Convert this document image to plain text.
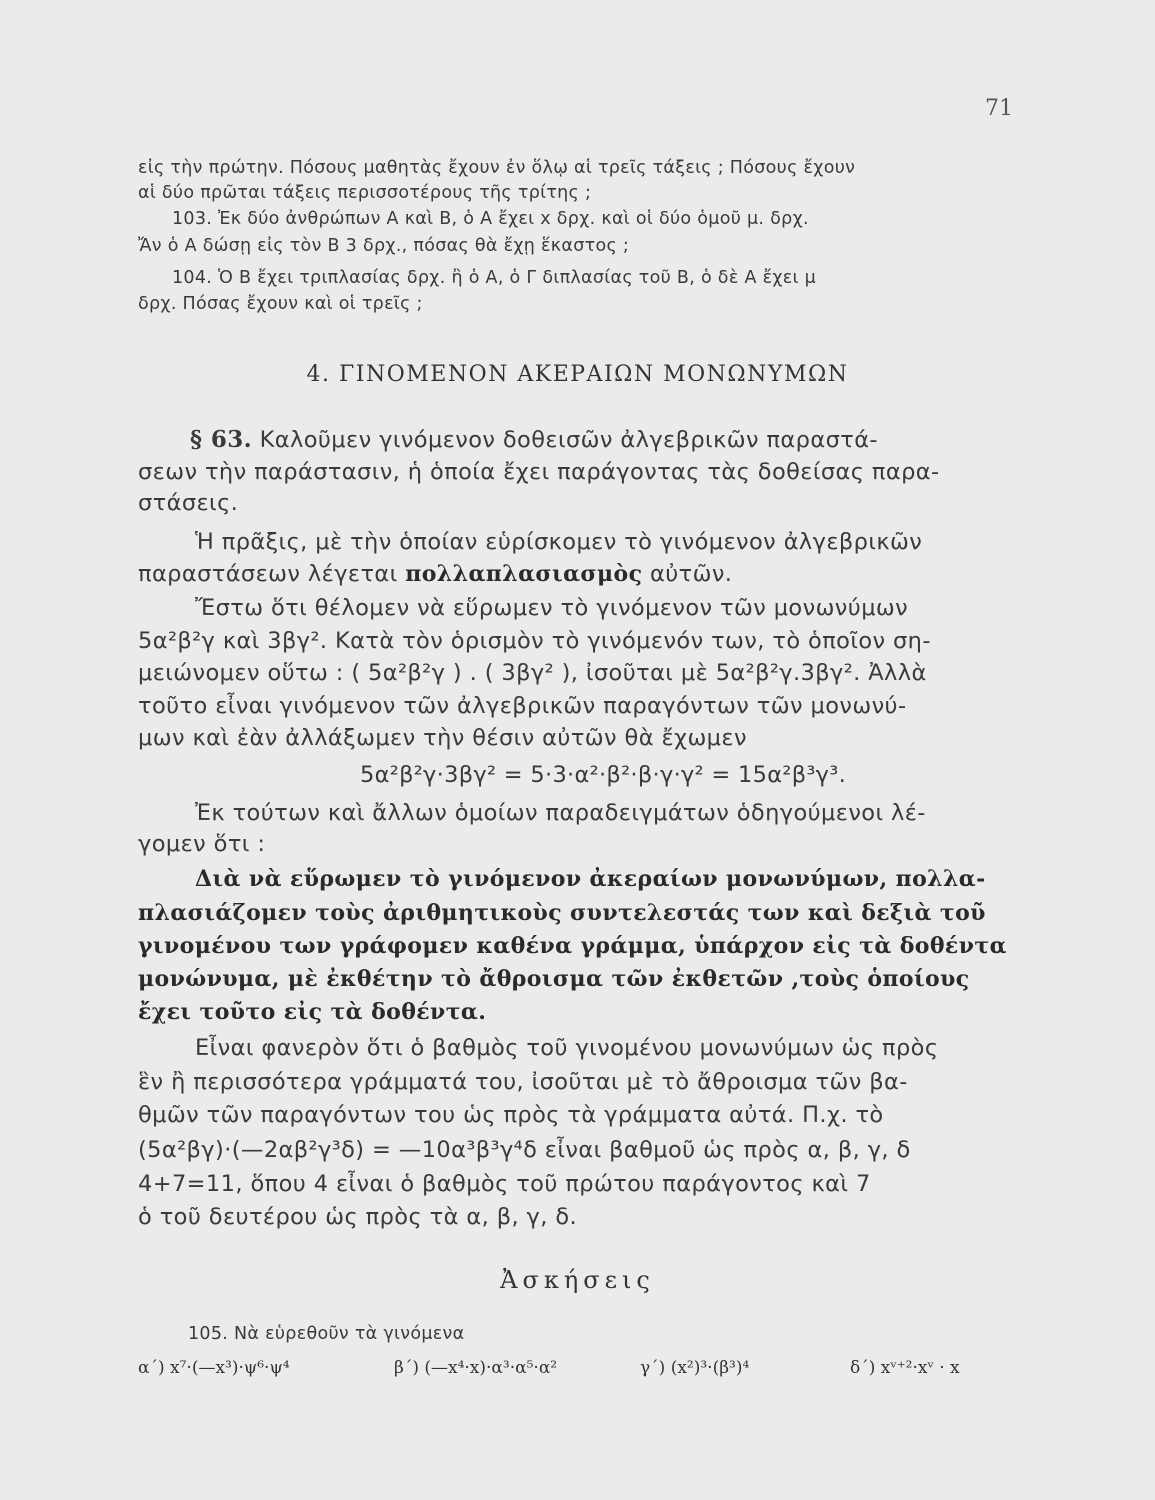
71
εἰς τὴν πρώτην. Πόσους μαθητὰς ἔχουν ἐν ὅλῳ αἱ τρεῖς τάξεις ; Πόσους ἔχουν
αἱ δύο πρῶται τάξεις περισσοτέρους τῆς τρίτης ;
103. Ἐκ δύο ἀνθρώπων Α καὶ Β, ὁ Α ἔχει x δρχ. καὶ οἱ δύο ὁμοῦ μ. δρχ.
Ἄν ὁ Α δώσῃ εἰς τὸν Β 3 δρχ., πόσας θὰ ἔχῃ ἕκαστος ;
104. Ὁ Β ἔχει τριπλασίας δρχ. ἢ ὁ Α, ὁ Γ διπλασίας τοῦ Β, ὁ δὲ Α ἔχει μ
δρχ. Πόσας ἔχουν καὶ οἱ τρεῖς ;
4. ΓΙΝΟΜΕΝΟΝ ΑΚΕΡΑΙΩΝ ΜΟΝΩΝΥΜΩΝ
§ 63. Καλοῦμεν γινόμενον δοθεισῶν ἀλγεβρικῶν παραστά-
σεων τὴν παράστασιν, ἡ ὁποία ἔχει παράγοντας τὰς δοθείσας παρα-
στάσεις.
Ἡ πρᾶξις, μὲ τὴν ὁποίαν εὑρίσκομεν τὸ γινόμενον ἀλγεβρικῶν
παραστάσεων λέγεται πολλαπλασιασμὸς αὐτῶν.
Ἔστω ὅτι θέλομεν νὰ εὕρωμεν τὸ γινόμενον τῶν μονωνύμων
5α²β²γ καὶ 3βγ². Κατὰ τὸν ὁρισμὸν τὸ γινόμενόν των, τὸ ὁποῖον ση-
μειώνομεν οὕτω : ( 5α²β²γ ) . ( 3βγ² ), ἰσοῦται μὲ 5α²β²γ.3βγ². Ἀλλὰ
τοῦτο εἶναι γινόμενον τῶν ἀλγεβρικῶν παραγόντων τῶν μονωνύ-
μων καὶ ἐὰν ἀλλάξωμεν τὴν θέσιν αὐτῶν θὰ ἔχωμεν
5α²β²γ·3βγ² = 5·3·α²·β²·β·γ·γ² = 15α²β³γ³.
Ἐκ τούτων καὶ ἄλλων ὁμοίων παραδειγμάτων ὁδηγούμενοι λέ-
γομεν ὅτι :
Διὰ νὰ εὕρωμεν τὸ γινόμενον ἀκεραίων μονωνύμων, πολλα-
πλασιάζομεν τοὺς ἀριθμητικοὺς συντελεστάς των καὶ δεξιὰ τοῦ
γινομένου των γράφομεν καθένα γράμμα, ὑπάρχον εἰς τὰ δοθέντα
μονώνυμα, μὲ ἐκθέτην τὸ ἄθροισμα τῶν ἐκθετῶν ,τοὺς ὁποίους
ἔχει τοῦτο εἰς τὰ δοθέντα.
Εἶναι φανερὸν ὅτι ὁ βαθμὸς τοῦ γινομένου μονωνύμων ὡς πρὸς
ἓν ἢ περισσότερα γράμματά του, ἰσοῦται μὲ τὸ ἄθροισμα τῶν βα-
θμῶν τῶν παραγόντων του ὡς πρὸς τὰ γράμματα αὐτά. Π.χ. τὸ
(5α²βγ)·(—2αβ²γ³δ) = —10α³β³γ⁴δ εἶναι βαθμοῦ ὡς πρὸς α, β, γ, δ
4+7=11, ὅπου 4 εἶναι ὁ βαθμὸς τοῦ πρώτου παράγοντος καὶ 7
ὁ τοῦ δευτέρου ὡς πρὸς τὰ α, β, γ, δ.
Ἀσκήσεις
105. Νὰ εὑρεθοῦν τὰ γινόμενα
α΄) x⁷·(—x³)·ψ⁶·ψ⁴	β΄) (—x⁴·x)·α³·α⁵·α²	γ΄) (x²)³·(β³)⁴	δ΄) xᵛ⁺²·xᵛ · x
